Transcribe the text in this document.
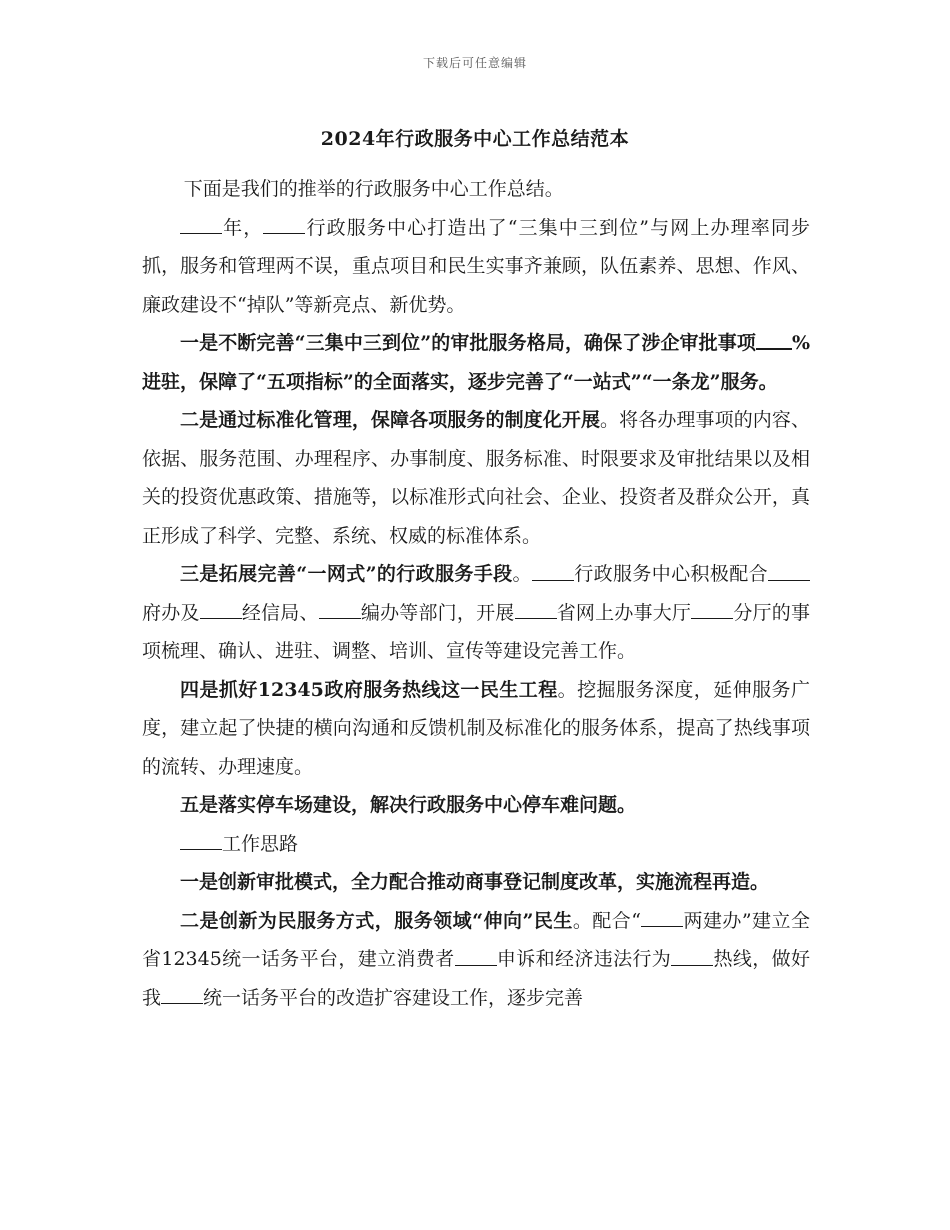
下载后可任意编辑
2024年行政服务中心工作总结范本

下面是我们的推举的行政服务中心工作总结。

年， 行政服务中心打造出了“三集中三到位”与网上办理率同步抓，服务和管理两不误，重点项目和民生实事齐兼顾，队伍素养、思想、作风、廉政建设不“掉队”等新亮点、新优势。

一是不断完善“三集中三到位”的审批服务格局，确保了涉企审批事项 %进驻，保障了“五项指标”的全面落实，逐步完善了“一站式”“一条龙”服务。

二是通过标准化管理，保障各项服务的制度化开展。将各办理事项的内容、依据、服务范围、办理程序、办事制度、服务标准、时限要求及审批结果以及相关的投资优惠政策、措施等，以标准形式向社会、企业、投资者及群众公开，真正形成了科学、完整、系统、权威的标准体系。

三是拓展完善“一网式”的行政服务手段。 行政服务中心积极配合府办及 经信局、 编办等部门，开展 省网上办事大厅 分厅的事项梳理、确认、进驻、调整、培训、宣传等建设完善工作。

四是抓好12345政府服务热线这一民生工程。挖掘服务深度，延伸服务广度，建立起了快捷的横向沟通和反馈机制及标准化的服务体系，提高了热线事项的流转、办理速度。

五是落实停车场建设，解决行政服务中心停车难问题。

工作思路

一是创新审批模式，全力配合推动商事登记制度改革，实施流程再造。

二是创新为民服务方式，服务领域“伸向”民生。配合“ 两建办”建立全省12345统一话务平台，建立消费者 申诉和经济违法行为 热线，做好我 统一话务平台的改造扩容建设工作，逐步完善
